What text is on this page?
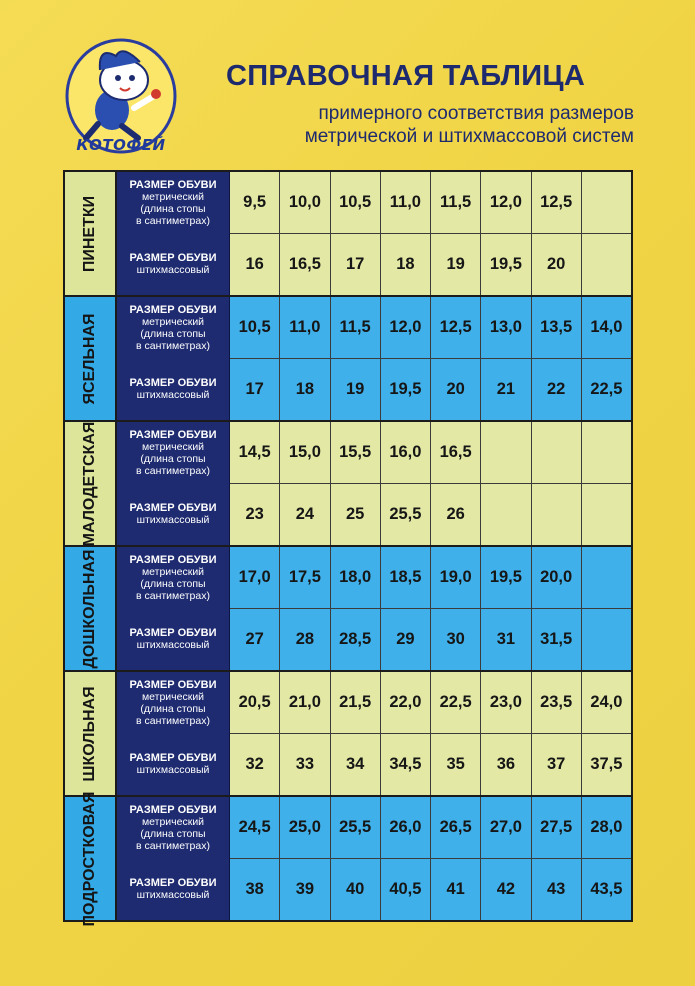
КОТОФЕЙ
СПРАВОЧНАЯ ТАБЛИЦА
примерного соответствия размеров
метрической и штихмассовой систем
ПИНЕТКИ
РАЗМЕР ОБУВИ
метрический
(длина стопы
в сантиметрах)
9,5	10,0	10,5	11,0	11,5	12,0	12,5
РАЗМЕР ОБУВИ
штихмассовый	16	16,5	17	18	19	19,5	20
ЯСЕЛЬНАЯ
РАЗМЕР ОБУВИ
метрический
(длина стопы
в сантиметрах)
10,5	11,0	11,5	12,0	12,5	13,0	13,5	14,0
РАЗМЕР ОБУВИ
штихмассовый	17	18	19	19,5	20	21	22	22,5
МАЛОДЕТСКАЯ	РАЗМЕР ОБУВИ
метрический
(длина стопы
в сантиметрах)
14,5	15,0	15,5	16,0	16,5
РАЗМЕР ОБУВИ
штихмассовый	23	24	25	25,5	26
ДОШКОЛЬНАЯ	РАЗМЕР ОБУВИ
метрический
(длина стопы
в сантиметрах)
17,0	17,5	18,0	18,5	19,0	19,5	20,0
РАЗМЕР ОБУВИ
штихмассовый	27	28	28,5	29	30	31	31,5
ШКОЛЬНАЯ
РАЗМЕР ОБУВИ
метрический
(длина стопы
в сантиметрах)
20,5	21,0	21,5	22,0	22,5	23,0	23,5	24,0
РАЗМЕР ОБУВИ
штихмассовый	32	33	34	34,5	35	36	37	37,5
ПОДРОСТКОВАЯ	РАЗМЕР ОБУВИ
метрический
(длина стопы
в сантиметрах)
24,5	25,0	25,5	26,0	26,5	27,0	27,5	28,0
РАЗМЕР ОБУВИ
штихмассовый	38	39	40	40,5	41	42	43	43,5
